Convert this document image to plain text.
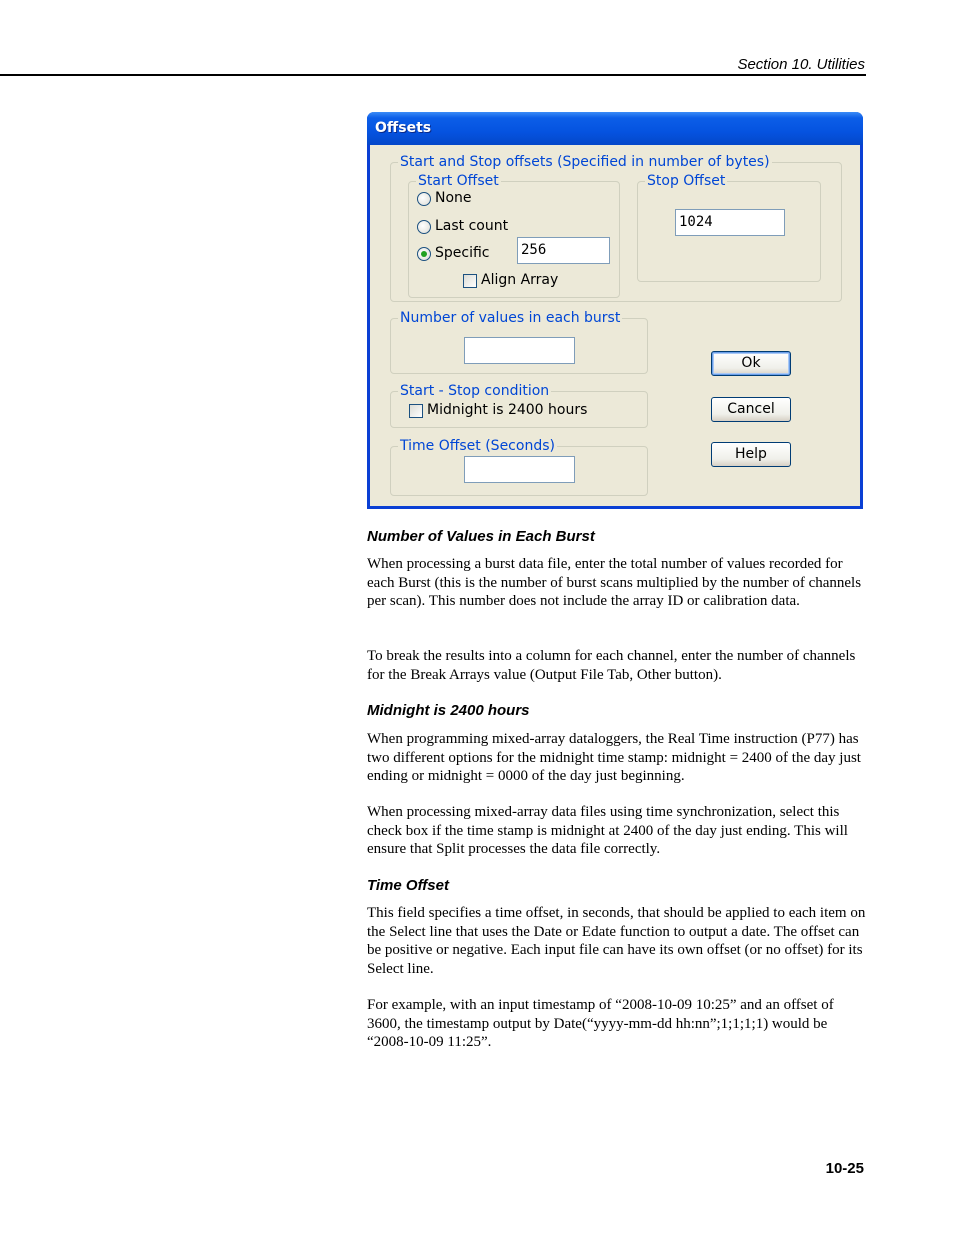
Section 10. Utilities
Offsets
Start and Stop offsets (Specified in number of bytes)
Start Offset
None
Last count
Specific 256
Align Array
Stop Offset
1024
Number of values in each burst
Start - Stop condition
Midnight is 2400 hours
Time Offset (Seconds)
Ok
Cancel
Help
Number of Values in Each Burst

When processing a burst data file, enter the total number of values recorded for each Burst (this is the number of burst scans multiplied by the number of channels per scan). This number does not include the array ID or calibration data.

To break the results into a column for each channel, enter the number of channels for the Break Arrays value (Output File Tab, Other button).

Midnight is 2400 hours

When programming mixed-array dataloggers, the Real Time instruction (P77) has two different options for the midnight time stamp: midnight = 2400 of the day just ending or midnight = 0000 of the day just beginning.

When processing mixed-array data files using time synchronization, select this check box if the time stamp is midnight at 2400 of the day just ending. This will ensure that Split processes the data file correctly.

Time Offset

This field specifies a time offset, in seconds, that should be applied to each item on the Select line that uses the Date or Edate function to output a date. The offset can be positive or negative. Each input file can have its own offset (or no offset) for its Select line.

For example, with an input timestamp of “2008-10-09 10:25” and an offset of 3600, the timestamp output by Date(“yyyy-mm-dd hh:nn”;1;1;1;1) would be “2008-10-09 11:25”.

10-25
